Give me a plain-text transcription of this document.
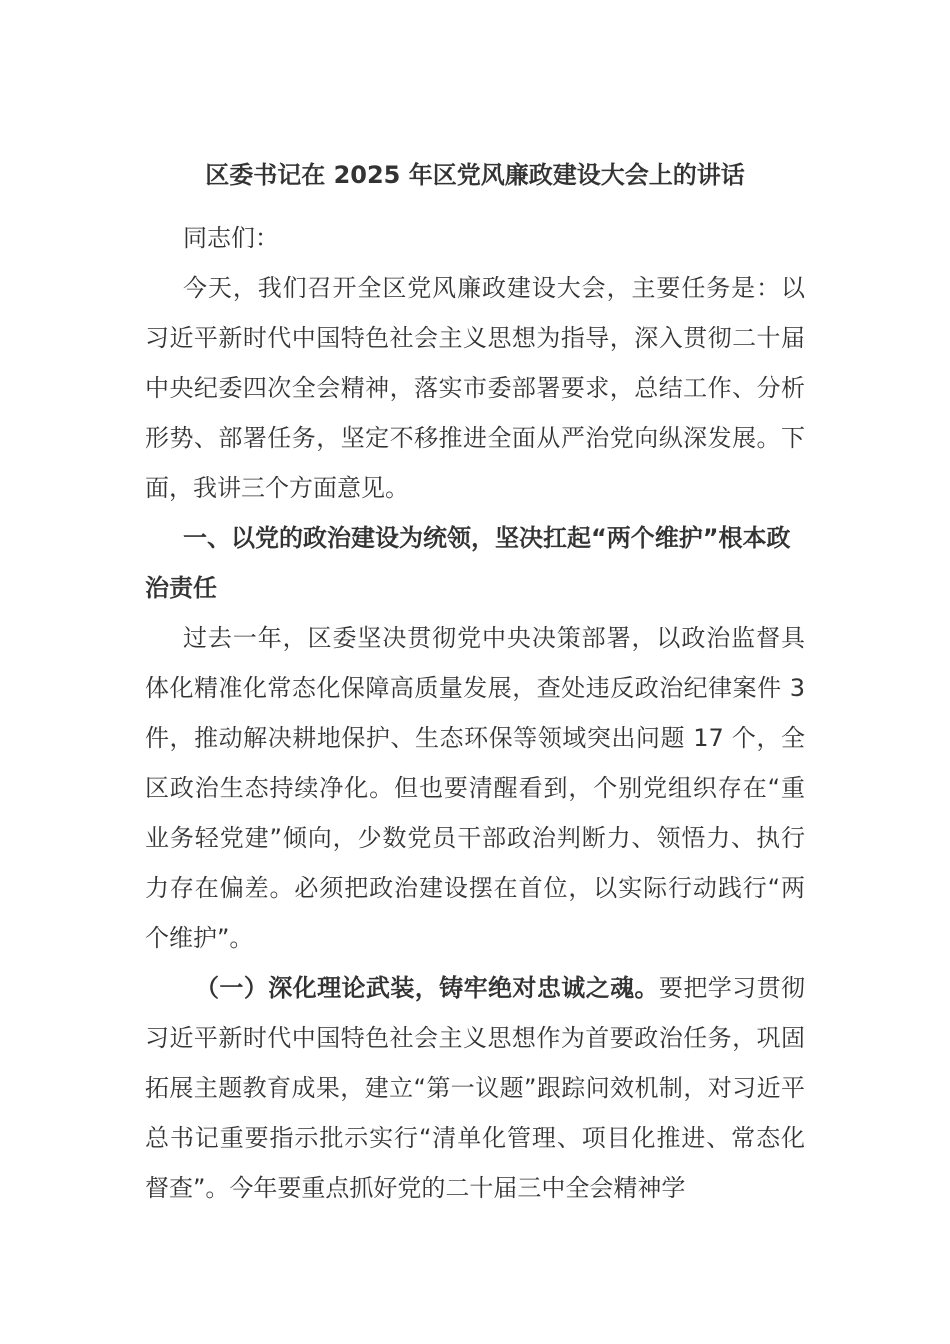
区委书记在 2025 年区党风廉政建设大会上的讲话

同志们：

今天，我们召开全区党风廉政建设大会，主要任务是：以习近平新时代中国特色社会主义思想为指导，深入贯彻二十届中央纪委四次全会精神，落实市委部署要求，总结工作、分析形势、部署任务，坚定不移推进全面从严治党向纵深发展。下面，我讲三个方面意见。

一、以党的政治建设为统领，坚决扛起“两个维护”根本政治责任

过去一年，区委坚决贯彻党中央决策部署，以政治监督具体化精准化常态化保障高质量发展，查处违反政治纪律案件 3 件，推动解决耕地保护、生态环保等领域突出问题 17 个，全区政治生态持续净化。但也要清醒看到，个别党组织存在“重业务轻党建”倾向，少数党员干部政治判断力、领悟力、执行力存在偏差。必须把政治建设摆在首位，以实际行动践行“两个维护”。

（一）深化理论武装，铸牢绝对忠诚之魂。要把学习贯彻习近平新时代中国特色社会主义思想作为首要政治任务，巩固拓展主题教育成果，建立“第一议题”跟踪问效机制，对习近平总书记重要指示批示实行“清单化管理、项目化推进、常态化督查”。今年要重点抓好党的二十届三中全会精神学
